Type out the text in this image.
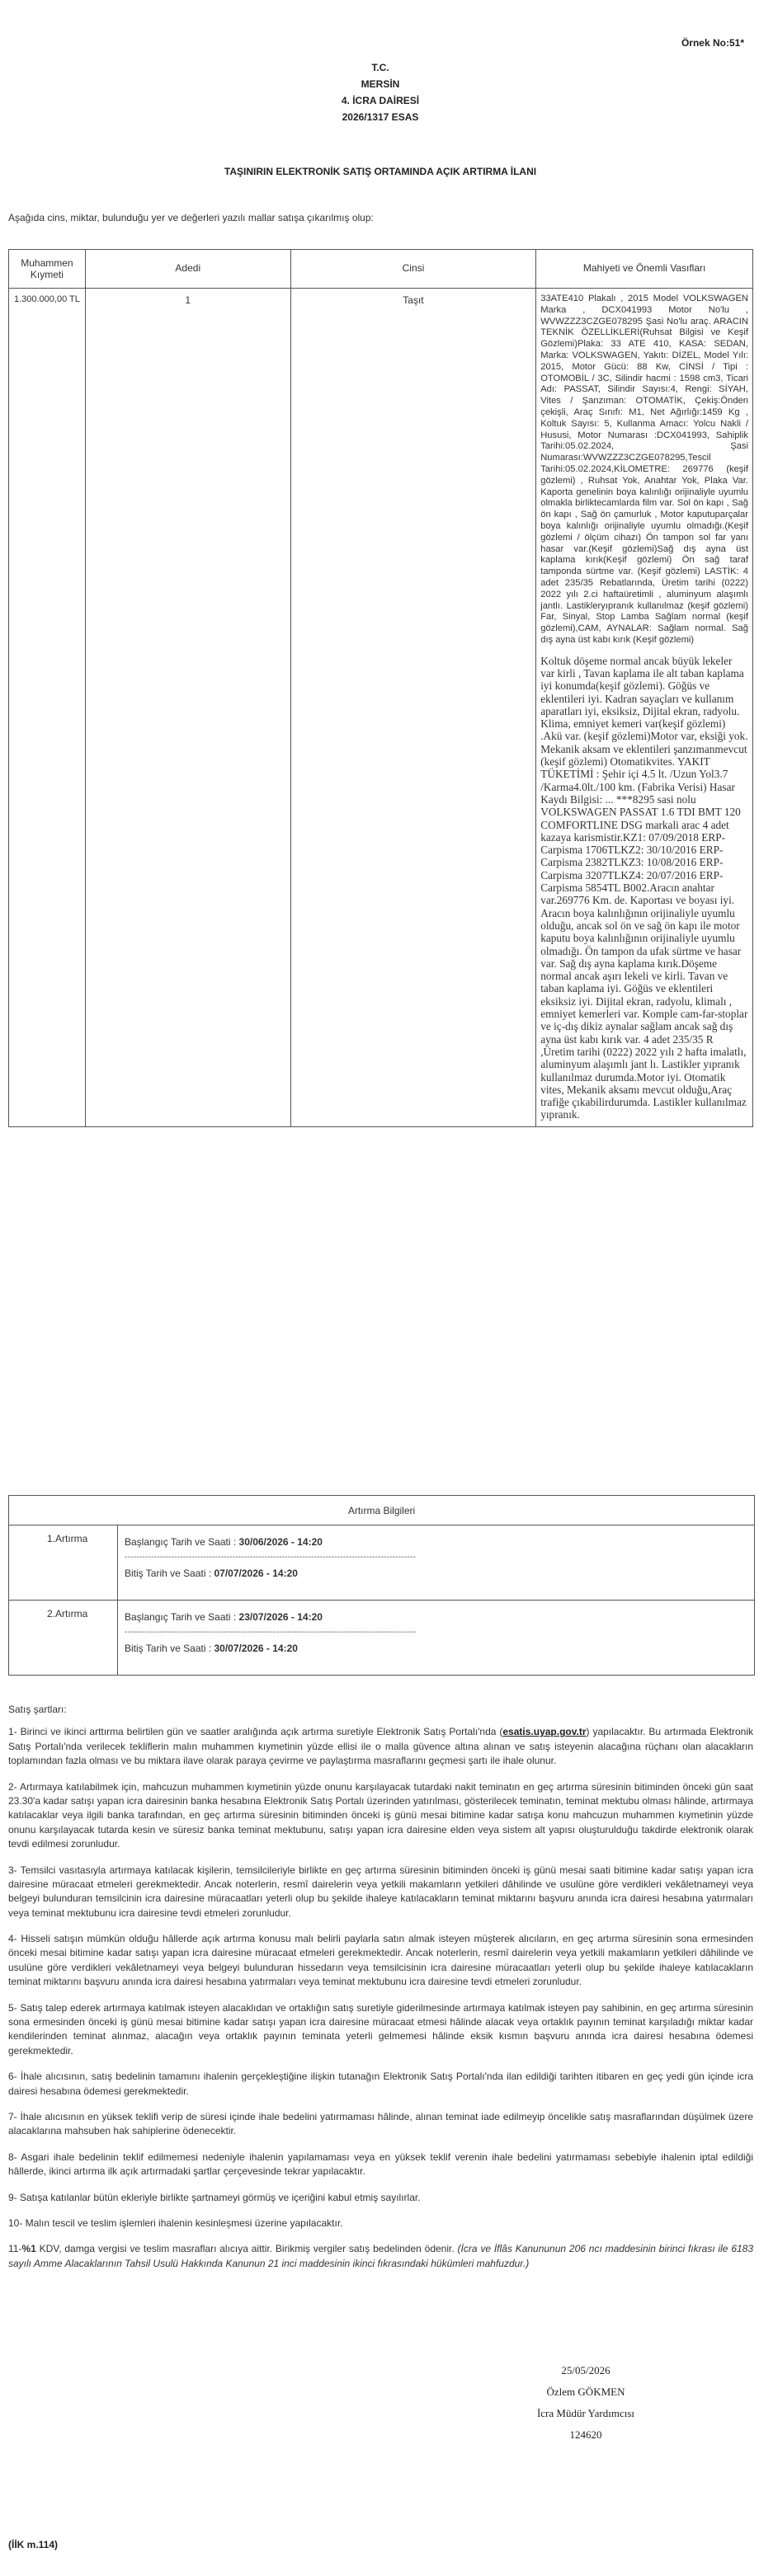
Örnek No:51*
T.C.
MERSİN
4. İCRA DAİRESİ
2026/1317 ESAS
TAŞINIRIN ELEKTRONİK SATIŞ ORTAMINDA AÇIK ARTIRMA İLANI
Aşağıda cins, miktar, bulunduğu yer ve değerleri yazılı mallar satışa çıkarılmış olup:
Muhammen Kıymeti	Adedi	Cinsi	Mahiyeti ve Önemli Vasıfları
1.300.000,00 TL	1	Taşıt	33ATE410 Plakalı , 2015 Model VOLKSWAGEN Marka , DCX041993 Motor No'lu , WVWZZZ3CZGE078295 Şasi No'lu araç. ARACIN TEKNİK ÖZELLİKLERİ(Ruhsat Bilgisi ve Keşif Gözlemi)Plaka: 33 ATE 410, KASA: SEDAN, Marka: VOLKSWAGEN, Yakıtı: DİZEL, Model Yılı: 2015, Motor Gücü: 88 Kw, CİNSİ / Tipi : OTOMOBİL / 3C, Silindir hacmi : 1598 cm3, Ticari Adı: PASSAT, Silindir Sayısı:4, Rengi: SİYAH, Vites / Şanzıman: OTOMATİK, Çekiş:Önden çekişli, Araç Sınıfı: M1, Net Ağırlığı:1459 Kg , Koltuk Sayısı: 5, Kullanma Amacı: Yolcu Nakli / Hususi, Motor Numarası :DCX041993, Sahiplik Tarihi:05.02.2024, Şasi Numarası:WVWZZZ3CZGE078295,Tescil Tarihi:05.02.2024,KİLOMETRE: 269776 (keşif gözlemi) , Ruhsat Yok, Anahtar Yok, Plaka Var. Kaporta genelinin boya kalınlığı orijinaliyle uyumlu olmakla birliktecamlarda film var. Sol ön kapı , Sağ ön kapı , Sağ ön çamurluk , Motor kaputuparçalar boya kalınlığı orijinaliyle uyumlu olmadığı.(Keşif gözlemi / ölçüm cihazı) Ön tampon sol far yanı hasar var.(Keşif gözlemi)Sağ dış ayna üst kaplama kırık(Keşif gözlemi) Ön sağ taraf tamponda sürtme var. (Keşif gözlemi) LASTİK: 4 adet 235/35 Rebatlarında, Üretim tarihi (0222) 2022 yılı 2.ci haftaüretimli , aluminyum alaşımlı jantlı. Lastikleryıpranık kullanılmaz (keşif gözlemi) Far, Sinyal, Stop Lamba Sağlam normal (keşif gözlemi),CAM, AYNALAR: Sağlam normal. Sağ dış ayna üst kabı kırık (Keşif gözlemi)
Koltuk döşeme normal ancak büyük lekeler var kirli , Tavan kaplama ile alt taban kaplama iyi konumda(keşif gözlemi). Göğüs ve eklentileri iyi. Kadran sayaçları ve kullanım aparatları iyi, eksiksiz, Dijital ekran, radyolu. Klima, emniyet kemeri var(keşif gözlemi) .Akü var. (keşif gözlemi)Motor var, eksiği yok. Mekanik aksam ve eklentileri şanzımanmevcut (keşif gözlemi) Otomatikvites. YAKIT TÜKETİMİ : Şehir içi 4.5 lt. /Uzun Yol3.7 /Karma4.0lt./100 km. (Fabrika Verisi) Hasar Kaydı Bilgisi: ... ***8295 sasi nolu VOLKSWAGEN PASSAT 1.6 TDI BMT 120 COMFORTLINE DSG markali arac 4 adet kazaya karismistir.KZ1: 07/09/2018 ERP-Carpisma 1706TLKZ2: 30/10/2016 ERP-Carpisma 2382TLKZ3: 10/08/2016 ERP-Carpisma 3207TLKZ4: 20/07/2016 ERP-Carpisma 5854TL B002.Aracın anahtar var.269776 Km. de. Kaportası ve boyası iyi. Aracın boya kalınlığının orijinaliyle uyumlu olduğu, ancak sol ön ve sağ ön kapı ile motor kaputu boya kalınlığının orijinaliyle uyumlu olmadığı. Ön tampon da ufak sürtme ve hasar var. Sağ dış ayna kaplama kırık.Döşeme normal ancak aşırı lekeli ve kirli. Tavan ve taban kaplama iyi. Göğüs ve eklentileri eksiksiz iyi. Dijital ekran, radyolu, klimalı , emniyet kemerleri var. Komple cam-far-stoplar ve iç-dış dikiz aynalar sağlam ancak sağ dış ayna üst kabı kırık var. 4 adet 235/35 R ,Üretim tarihi (0222) 2022 yılı 2 hafta imalatlı, aluminyum alaşımlı jant lı. Lastikler yıpranık kullanılmaz durumda.Motor iyi. Otomatik vites, Mekanik aksamı mevcut olduğu,Araç trafiğe çıkabilirdurumda. Lastikler kullanılmaz yıpranık.
Artırma Bilgileri
1.Artırma	Başlangıç Tarih ve Saati : 30/06/2026 - 14:20
----------------------------------------------------------------------------------------------------
Bitiş Tarih ve Saati : 07/07/2026 - 14:20
2.Artırma	Başlangıç Tarih ve Saati : 23/07/2026 - 14:20
----------------------------------------------------------------------------------------------------
Bitiş Tarih ve Saati : 30/07/2026 - 14:20

Satış şartları:

1- Birinci ve ikinci arttırma belirtilen gün ve saatler aralığında açık artırma suretiyle Elektronik Satış Portalı'nda (esatis.uyap.gov.tr) yapılacaktır. Bu artırmada Elektronik Satış Portalı'nda verilecek tekliflerin malın muhammen kıymetinin yüzde ellisi ile o malla güvence altına alınan ve satış isteyenin alacağına rüçhanı olan alacakların toplamından fazla olması ve bu miktara ilave olarak paraya çevirme ve paylaştırma masraflarını geçmesi şartı ile ihale olunur.

2- Artırmaya katılabilmek için, mahcuzun muhammen kıymetinin yüzde onunu karşılayacak tutardaki nakit teminatın en geç artırma süresinin bitiminden önceki gün saat 23.30'a kadar satışı yapan icra dairesinin banka hesabına Elektronik Satış Portalı üzerinden yatırılması, gösterilecek teminatın, teminat mektubu olması hâlinde, artırmaya katılacaklar veya ilgili banka tarafından, en geç artırma süresinin bitiminden önceki iş günü mesai bitimine kadar satışa konu mahcuzun muhammen kıymetinin yüzde onunu karşılayacak tutarda kesin ve süresiz banka teminat mektubunu, satışı yapan icra dairesine elden veya sistem alt yapısı oluşturulduğu takdirde elektronik olarak tevdi edilmesi zorunludur.

3- Temsilci vasıtasıyla artırmaya katılacak kişilerin, temsilcileriyle birlikte en geç artırma süresinin bitiminden önceki iş günü mesai saati bitimine kadar satışı yapan icra dairesine müracaat etmeleri gerekmektedir. Ancak noterlerin, resmî dairelerin veya yetkili makamların yetkileri dâhilinde ve usulüne göre verdikleri vekâletnameyi veya belgeyi bulunduran temsilcinin icra dairesine müracaatları yeterli olup bu şekilde ihaleye katılacakların teminat miktarını başvuru anında icra dairesi hesabına yatırmaları veya teminat mektubunu icra dairesine tevdi etmeleri zorunludur.

4- Hisseli satışın mümkün olduğu hâllerde açık artırma konusu malı belirli paylarla satın almak isteyen müşterek alıcıların, en geç artırma süresinin sona ermesinden önceki mesai bitimine kadar satışı yapan icra dairesine müracaat etmeleri gerekmektedir. Ancak noterlerin, resmî dairelerin veya yetkili makamların yetkileri dâhilinde ve usulüne göre verdikleri vekâletnameyi veya belgeyi bulunduran hissedarın veya temsilcisinin icra dairesine müracaatları yeterli olup bu şekilde ihaleye katılacakların teminat miktarını başvuru anında icra dairesi hesabına yatırmaları veya teminat mektubunu icra dairesine tevdi etmeleri zorunludur.

5- Satış talep ederek artırmaya katılmak isteyen alacaklıdan ve ortaklığın satış suretiyle giderilmesinde artırmaya katılmak isteyen pay sahibinin, en geç artırma süresinin sona ermesinden önceki iş günü mesai bitimine kadar satışı yapan icra dairesine müracaat etmesi hâlinde alacak veya ortaklık payının teminat karşıladığı miktar kadar kendilerinden teminat alınmaz, alacağın veya ortaklık payının teminata yeterli gelmemesi hâlinde eksik kısmın başvuru anında icra dairesi hesabına ödemesi gerekmektedir.

6- İhale alıcısının, satış bedelinin tamamını ihalenin gerçekleştiğine ilişkin tutanağın Elektronik Satış Portalı'nda ilan edildiği tarihten itibaren en geç yedi gün içinde icra dairesi hesabına ödemesi gerekmektedir.

7- İhale alıcısının en yüksek teklifi verip de süresi içinde ihale bedelini yatırmaması hâlinde, alınan teminat iade edilmeyip öncelikle satış masraflarından düşülmek üzere alacaklarına mahsuben hak sahiplerine ödenecektir.

8- Asgari ihale bedelinin teklif edilmemesi nedeniyle ihalenin yapılamaması veya en yüksek teklif verenin ihale bedelini yatırmaması sebebiyle ihalenin iptal edildiği hâllerde, ikinci artırma ilk açık artırmadaki şartlar çerçevesinde tekrar yapılacaktır.

9- Satışa katılanlar bütün ekleriyle birlikte şartnameyi görmüş ve içeriğini kabul etmiş sayılırlar.

10- Malın tescil ve teslim işlemleri ihalenin kesinleşmesi üzerine yapılacaktır.

11-%1 KDV, damga vergisi ve teslim masrafları alıcıya aittir. Birikmiş vergiler satış bedelinden ödenir. (İcra ve İflâs Kanununun 206 ncı maddesinin birinci fıkrası ile 6183 sayılı Amme Alacaklarının Tahsil Usulü Hakkında Kanunun 21 inci maddesinin ikinci fıkrasındaki hükümleri mahfuzdur.)

25/05/2026
Özlem GÖKMEN
İcra Müdür Yardımcısı
124620
(İİK m.114)
